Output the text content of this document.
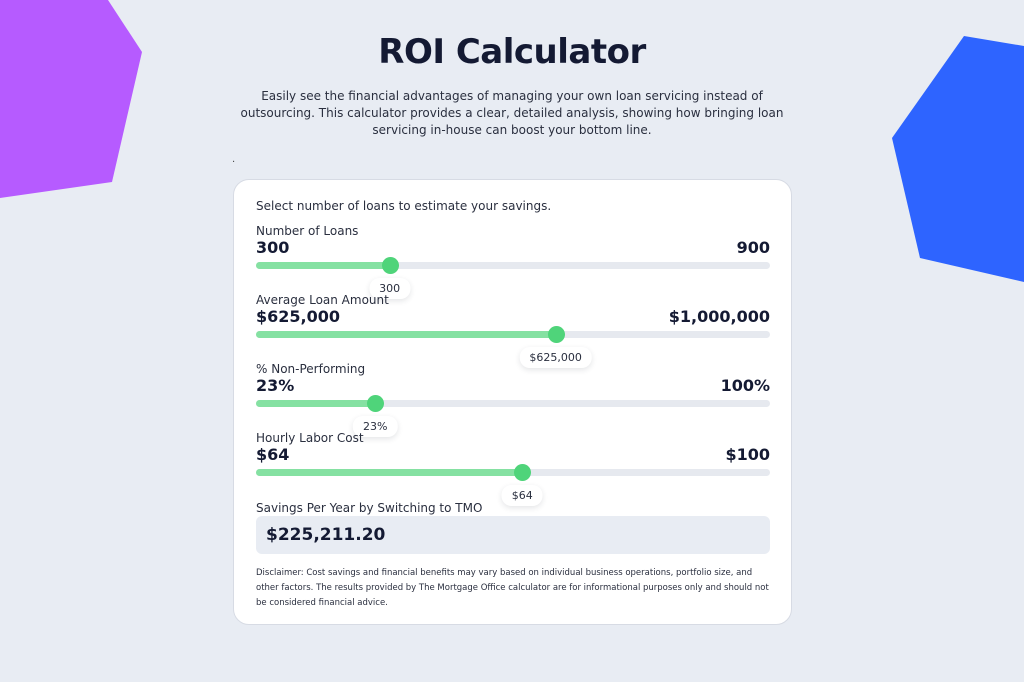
ROI Calculator

Easily see the financial advantages of managing your own loan servicing instead of outsourcing. This calculator provides a clear, detailed analysis, showing how bringing loan servicing in-house can boost your bottom line.

.
Select number of loans to estimate your savings.
Number of Loans
300	900
300
Average Loan Amount
$625,000	$1,000,000
$625,000
% Non-Performing
23%	100%
23%
Hourly Labor Cost
$64	$100
$64
Savings Per Year by Switching to TMO
$225,211.20

Disclaimer: Cost savings and financial benefits may vary based on individual business operations, portfolio size, and other factors. The results provided by The Mortgage Office calculator are for informational purposes only and should not be considered financial advice.
